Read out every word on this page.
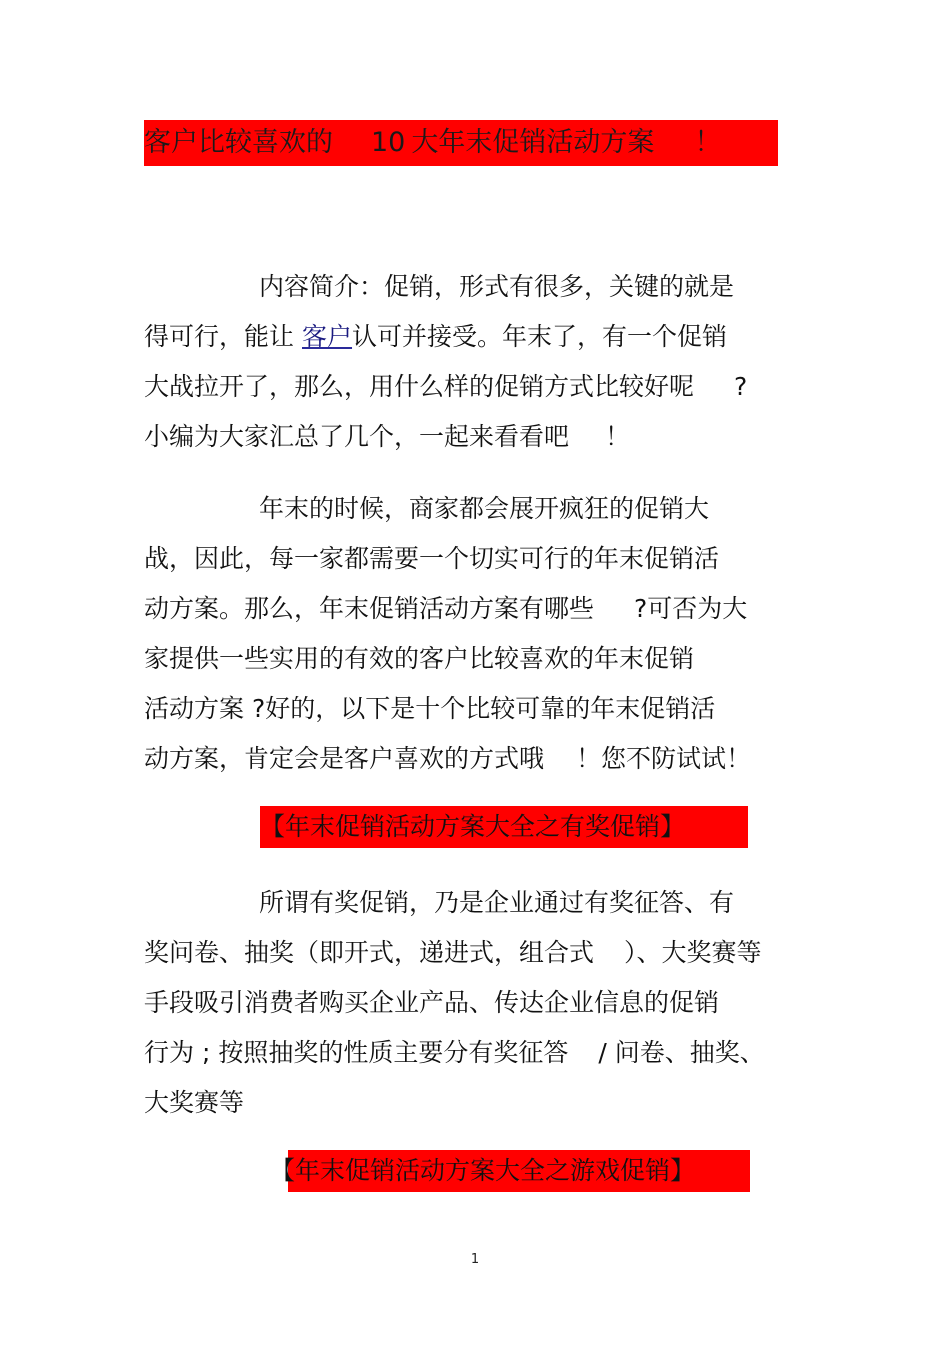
客户比较喜欢的 10 大年末促销活动方案 ！
内容简介：促销，形式有很多，关键的就是
得可行，能让 客户认可并接受。年末了，有一个促销
大战拉开了，那么，用什么样的促销方式比较好呢 ?
小编为大家汇总了几个，一起来看看吧 ！
年末的时候，商家都会展开疯狂的促销大
战，因此，每一家都需要一个切实可行的年末促销活
动方案。那么，年末促销活动方案有哪些 ?可否为大
家提供一些实用的有效的客户比较喜欢的年末促销
活动方案 ?好的，以下是十个比较可靠的年末促销活
动方案，肯定会是客户喜欢的方式哦 ！您不防试试！
【年末促销活动方案大全之有奖促销】
所谓有奖促销，乃是企业通过有奖征答、有
奖问卷、抽奖（即开式，递进式，组合式 ）、大奖赛等
手段吸引消费者购买企业产品、传达企业信息的促销
行为 ; 按照抽奖的性质主要分有奖征答 / 问卷、抽奖、
大奖赛等
【年末促销活动方案大全之游戏促销】
1
